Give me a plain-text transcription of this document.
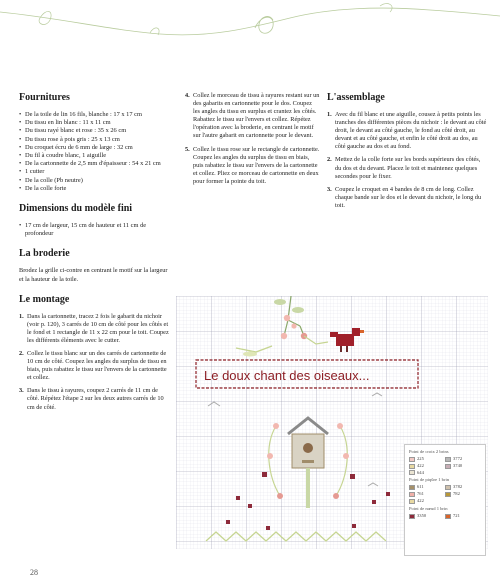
Fournitures
• De la toile de lin 16 fils, blanche : 17 x 17 cm
• Du tissu en lin blanc : 11 x 11 cm
• Du tissu rayé blanc et rose : 35 x 26 cm
• Du tissu rose à pois gris : 25 x 13 cm
• Du croquet écru de 6 mm de large : 32 cm
• Du fil à coudre blanc, 1 aiguille
• De la cartonnette de 2,5 mm d'épaisseur : 54 x 21 cm
• 1 cutter
• De la colle (Pb neutre)
• De la colle forte
Dimensions du modèle fini
• 17 cm de largeur, 15 cm de hauteur et 11 cm de profondeur
La broderie

Brodez la grille ci-contre en centrant le motif sur la largeur et la hauteur de la toile.

Le montage
1. Dans la cartonnette, tracez 2 fois le gabarit du nichoir (voir p. 120), 3 carrés de 10 cm de côté pour les côtés et le fond et 1 rectangle de 11 x 22 cm pour le toit. Coupez les différents éléments avec le cutter.
2. Collez le tissu blanc sur un des carrés de cartonnette de 10 cm de côté. Coupez les angles du surplus de tissu en biais, puis rabattez le tissu sur l'envers de la cartonnette et collez.
3. Dans le tissu à rayures, coupez 2 carrés de 11 cm de côté. Répétez l'étape 2 sur les deux autres carrés de 10 cm de côté.
4. Collez le morceau de tissu à rayures restant sur un des gabarits en cartonnette pour le dos. Coupez les angles du tissu en surplus et crantez les côtés. Rabattez le tissu sur l'envers et collez. Répétez l'opération avec la broderie, en centrant le motif sur l'autre gabarit en cartonnette pour le devant.
5. Collez le tissu rose sur le rectangle de cartonnette. Coupez les angles du surplus de tissu en biais, puis rabattez le tissu sur l'envers de la cartonnette et collez. Pliez ce morceau de cartonnette en deux pour former la pointe du toit.
L'assemblage
1. Avec du fil blanc et une aiguille, cousez à petits points les tranches des différentes pièces du nichoir : le devant au côté droit, le devant au côté gauche, le fond au côté droit, au devant et au côté gauche, et enfin le côté droit au dos, au côté gauche au dos et au fond.
2. Mettez de la colle forte sur les bords supérieurs des côtés, du dos et du devant. Placez le toit et maintenez quelques secondes pour le fixer.
3. Coupez le croquet en 4 bandes de 8 cm de long. Collez chaque bande sur le dos et le devant du nichoir, le long du toit.
Le doux chant des oiseaux...
Point de croix 2 brins
225	3772
422	3740
644
Point de piqûre 1 brin
611	3782
761	782
422
Point de nœud 1 brin
3350	721
28
